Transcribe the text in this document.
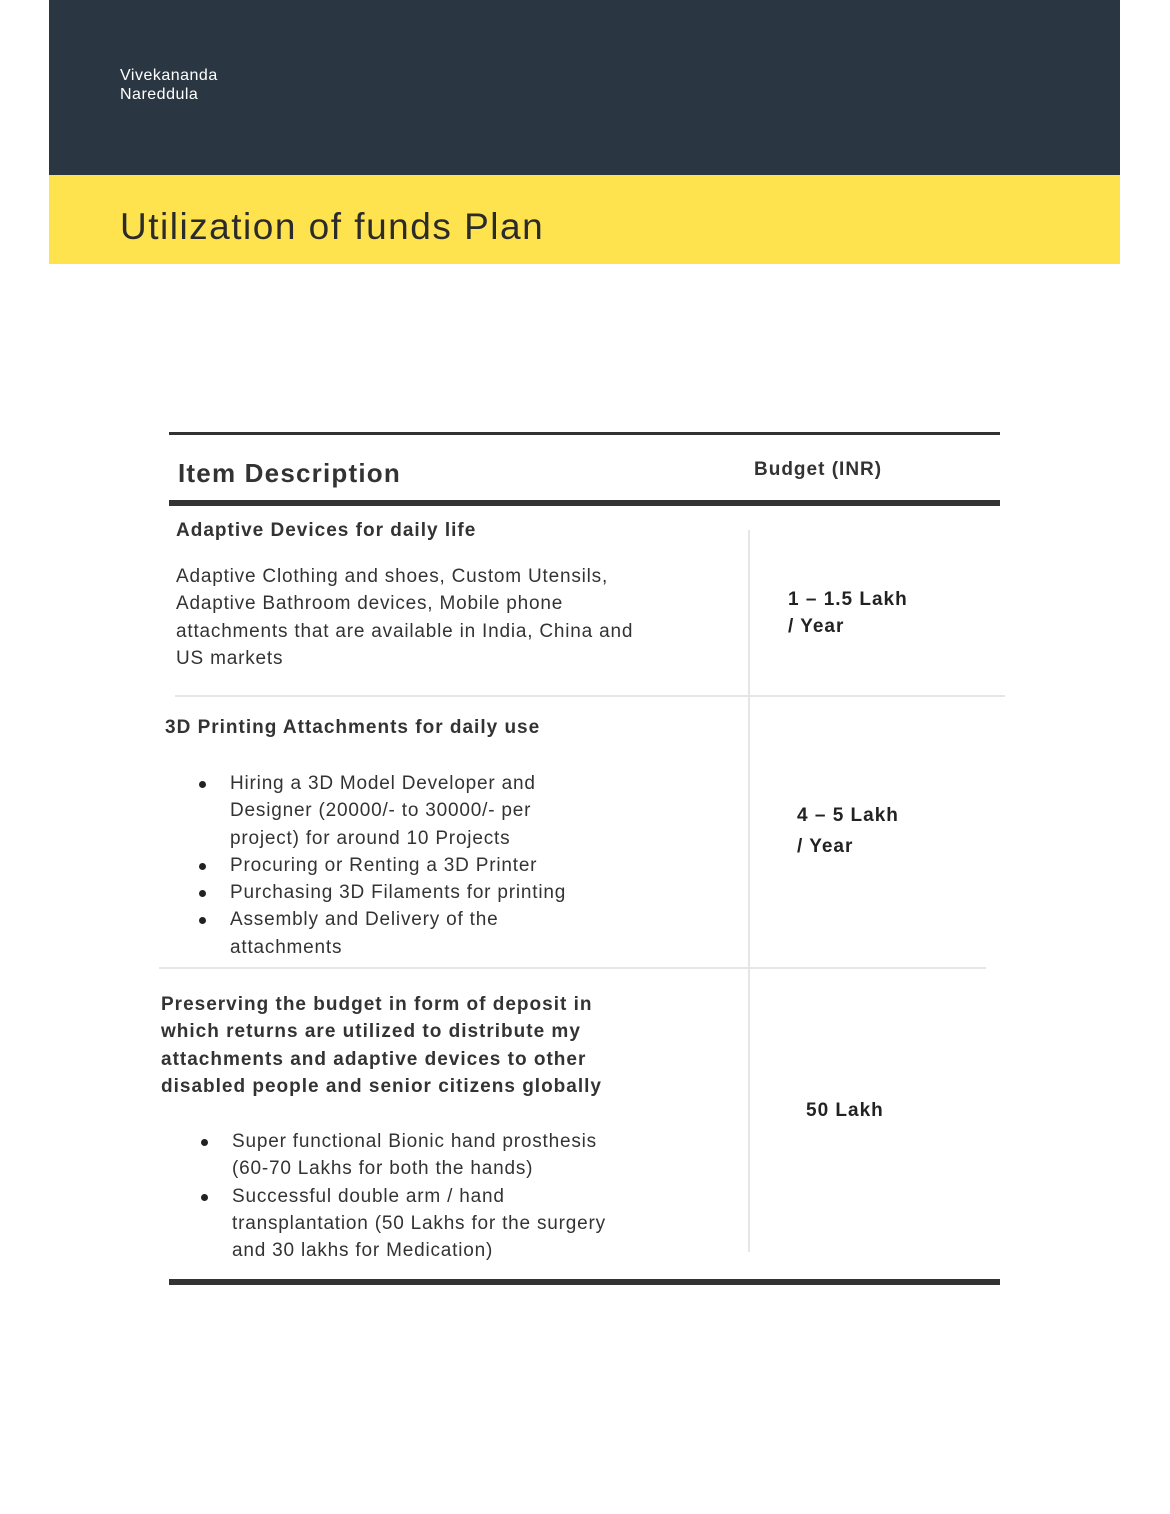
Vivekananda
Nareddula
Utilization of funds Plan
Item Description	Budget (INR)
Adaptive Devices for daily life
Adaptive Clothing and shoes, Custom Utensils,
Adaptive Bathroom devices, Mobile phone
attachments that are available in India, China and
US markets
1 – 1.5 Lakh
/ Year
3D Printing Attachments for daily use
Hiring a 3D Model Developer and
Designer (20000/- to 30000/- per
project) for around 10 Projects
Procuring or Renting a 3D Printer
Purchasing 3D Filaments for printing
Assembly and Delivery of the
attachments
4 – 5 Lakh
/ Year
Preserving the budget in form of deposit in
which returns are utilized to distribute my
attachments and adaptive devices to other
disabled people and senior citizens globally
Super functional Bionic hand prosthesis
(60-70 Lakhs for both the hands)
Successful double arm / hand
transplantation (50 Lakhs for the surgery
and 30 lakhs for Medication)
50 Lakh
